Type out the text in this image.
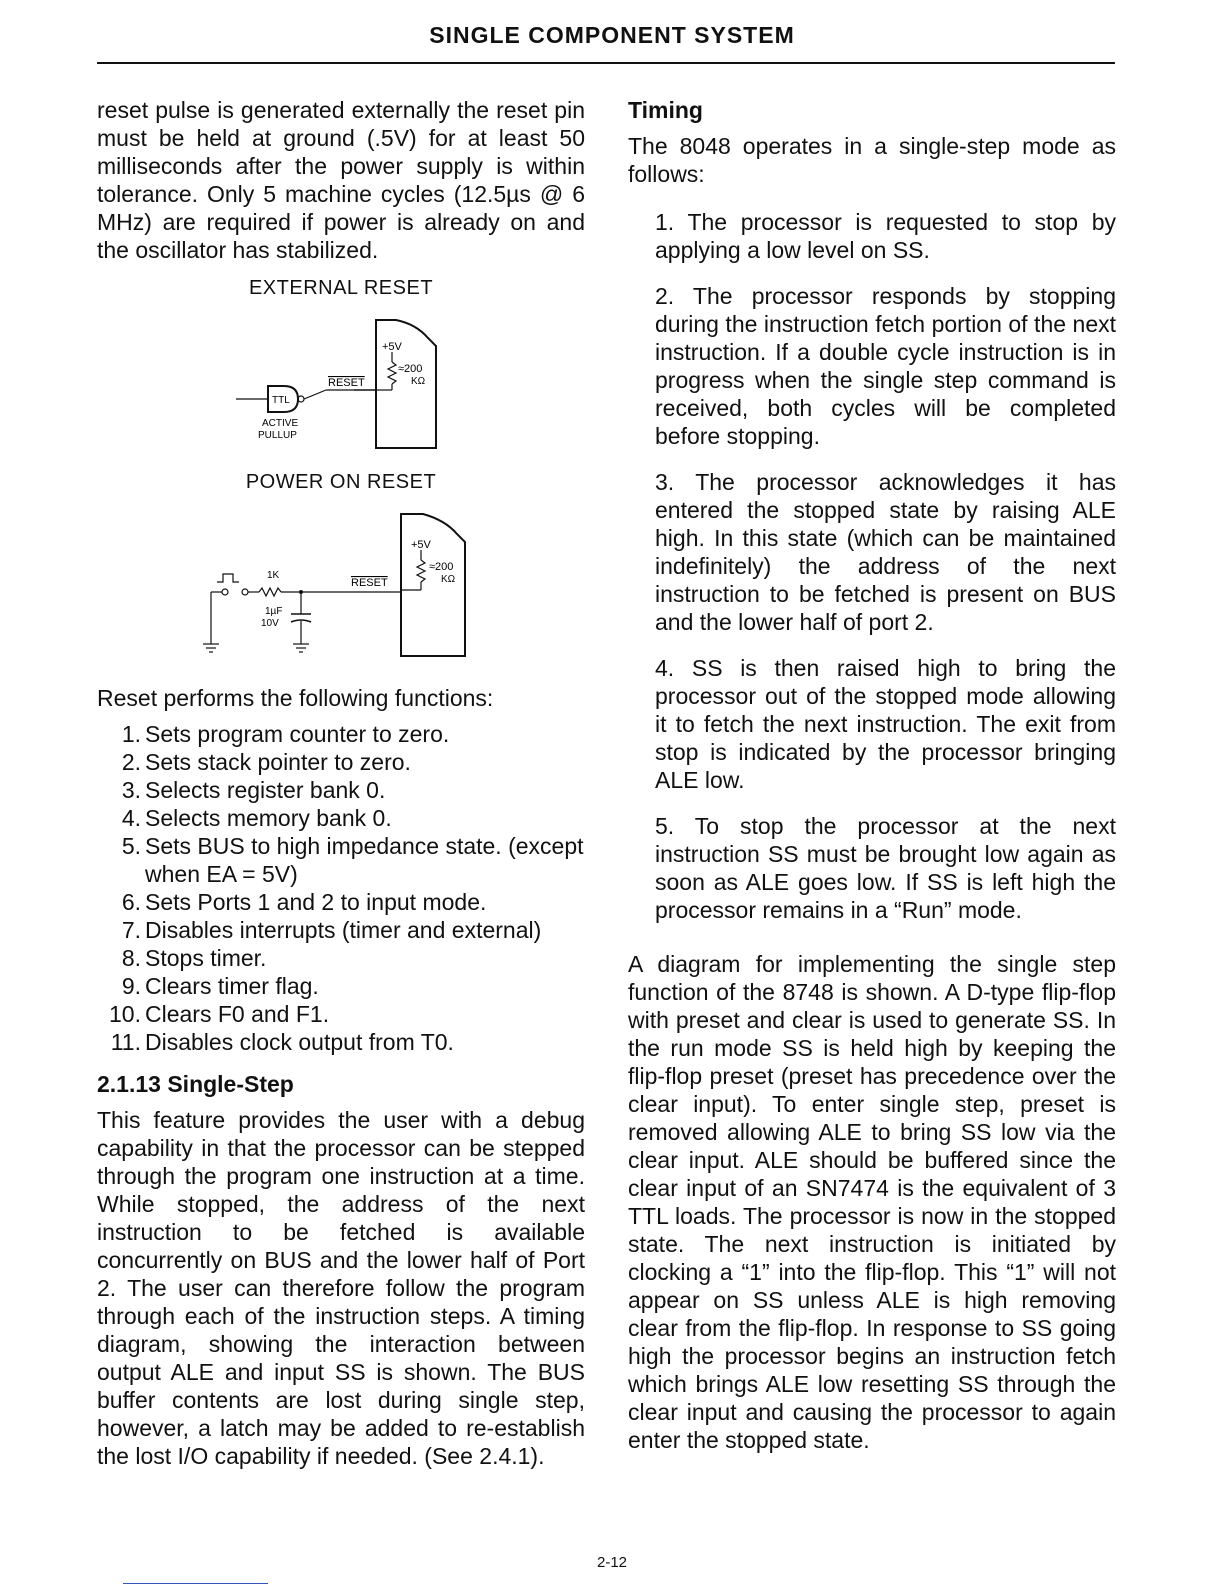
SINGLE COMPONENT SYSTEM

reset pulse is generated externally the reset pin must be held at ground (.5V) for at least 50 milliseconds after the power supply is within tolerance. Only 5 machine cycles (12.5µs @ 6 MHz) are required if power is already on and the oscillator has stabilized.

EXTERNAL RESET
+5V
RESET
≈200
KΩ
TTL
ACTIVE
PULLUP
POWER ON RESET
+5V
RESET
≈200
KΩ
1K
1µF
10V

Reset performs the following functions:

1. Sets program counter to zero.
2. Sets stack pointer to zero.
3. Selects register bank 0.
4. Selects memory bank 0.
5. Sets BUS to high impedance state. (except when EA = 5V)
6. Sets Ports 1 and 2 to input mode.
7. Disables interrupts (timer and external)
8. Stops timer.
9. Clears timer flag.
10. Clears F0 and F1.
11. Disables clock output from T0.
2.1.13 Single-Step

This feature provides the user with a debug capability in that the processor can be stepped through the program one instruction at a time. While stopped, the address of the next instruction to be fetched is available concurrently on BUS and the lower half of Port 2. The user can therefore follow the program through each of the instruction steps. A timing diagram, showing the interaction between output ALE and input SS is shown. The BUS buffer contents are lost during single step, however, a latch may be added to re-establish the lost I/O capability if needed. (See 2.4.1).

Timing

The 8048 operates in a single-step mode as follows:

1. The processor is requested to stop by applying a low level on SS.

2. The processor responds by stopping during the instruction fetch portion of the next instruction. If a double cycle instruction is in progress when the single step command is received, both cycles will be completed before stopping.

3. The processor acknowledges it has entered the stopped state by raising ALE high. In this state (which can be maintained indefinitely) the address of the next instruction to be fetched is present on BUS and the lower half of port 2.

4. SS is then raised high to bring the processor out of the stopped mode allowing it to fetch the next instruction. The exit from stop is indicated by the processor bringing ALE low.

5. To stop the processor at the next instruction SS must be brought low again as soon as ALE goes low. If SS is left high the processor remains in a “Run” mode.

A diagram for implementing the single step function of the 8748 is shown. A D-type flip-flop with preset and clear is used to generate SS. In the run mode SS is held high by keeping the flip-flop preset (preset has precedence over the clear input). To enter single step, preset is removed allowing ALE to bring SS low via the clear input. ALE should be buffered since the clear input of an SN7474 is the equivalent of 3 TTL loads. The processor is now in the stopped state. The next instruction is initiated by clocking a “1” into the flip-flop. This “1” will not appear on SS unless ALE is high removing clear from the flip-flop. In response to SS going high the processor begins an instruction fetch which brings ALE low resetting SS through the clear input and causing the processor to again enter the stopped state.

2-12
